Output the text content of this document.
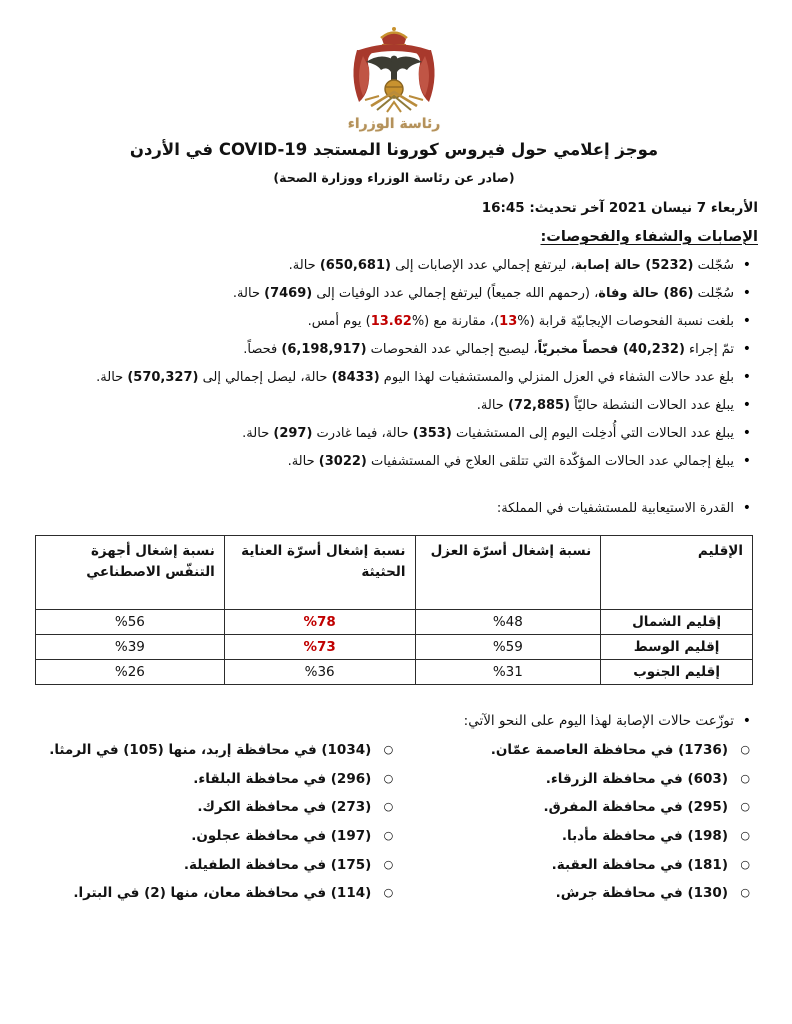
رئاسة الوزراء
موجز إعلامي حول فيروس كورونا المستجد COVID-19 في الأردن
(صادر عن رئاسة الوزراء ووزارة الصحة)
الأربعاء 7 نيسان 2021 آخر تحديث: 16:45
الإصابات والشفاء والفحوصات:
• سُجّلت (5232) حالة إصابة، ليرتفع إجمالي عدد الإصابات إلى (650,681) حالة.
• سُجّلت (86) حالة وفاة، (رحمهم الله جميعاً) ليرتفع إجمالي عدد الوفيات إلى (7469) حالة.
• بلغت نسبة الفحوصات الإيجابيّة قرابة (%13)، مقارنة مع (%13.62) يوم أمس.
• تمّ إجراء (40,232) فحصاً مخبريّاً، ليصبح إجمالي عدد الفحوصات (6,198,917) فحصاً.
• بلغ عدد حالات الشفاء في العزل المنزلي والمستشفيات لهذا اليوم (8433) حالة، ليصل إجمالي إلى (570,327) حالة.
• يبلغ عدد الحالات النشطة حاليّاً (72,885) حالة.
• يبلغ عدد الحالات التي أُدخِلت اليوم إلى المستشفيات (353) حالة، فيما غادرت (297) حالة.
• يبلغ إجمالي عدد الحالات المؤكّدة التي تتلقى العلاج في المستشفيات (3022) حالة.
• القدرة الاستيعابية للمستشفيات في المملكة:
الإقليم	نسبة إشغال أسرّة العزل	نسبة إشغال أسرّة العناية الحثيثة	نسبة إشغال أجهزة التنفّس الاصطناعي
إقليم الشمال	%48	%78	%56
إقليم الوسط	%59	%73	%39
إقليم الجنوب	%31	%36	%26
• توزّعت حالات الإصابة لهذا اليوم على النحو الآتي:
○ (1736) في محافظة العاصمة عمّان.
○ (603) في محافظة الزرقاء.
○ (295) في محافظة المفرق.
○ (198) في محافظة مأدبا.
○ (181) في محافظة العقبة.
○ (130) في محافظة جرش.
○ (1034) في محافظة إربد، منها (105) في الرمثا.
○ (296) في محافظة البلقاء.
○ (273) في محافظة الكرك.
○ (197) في محافظة عجلون.
○ (175) في محافظة الطفيلة.
○ (114) في محافظة معان، منها (2) في البترا.
